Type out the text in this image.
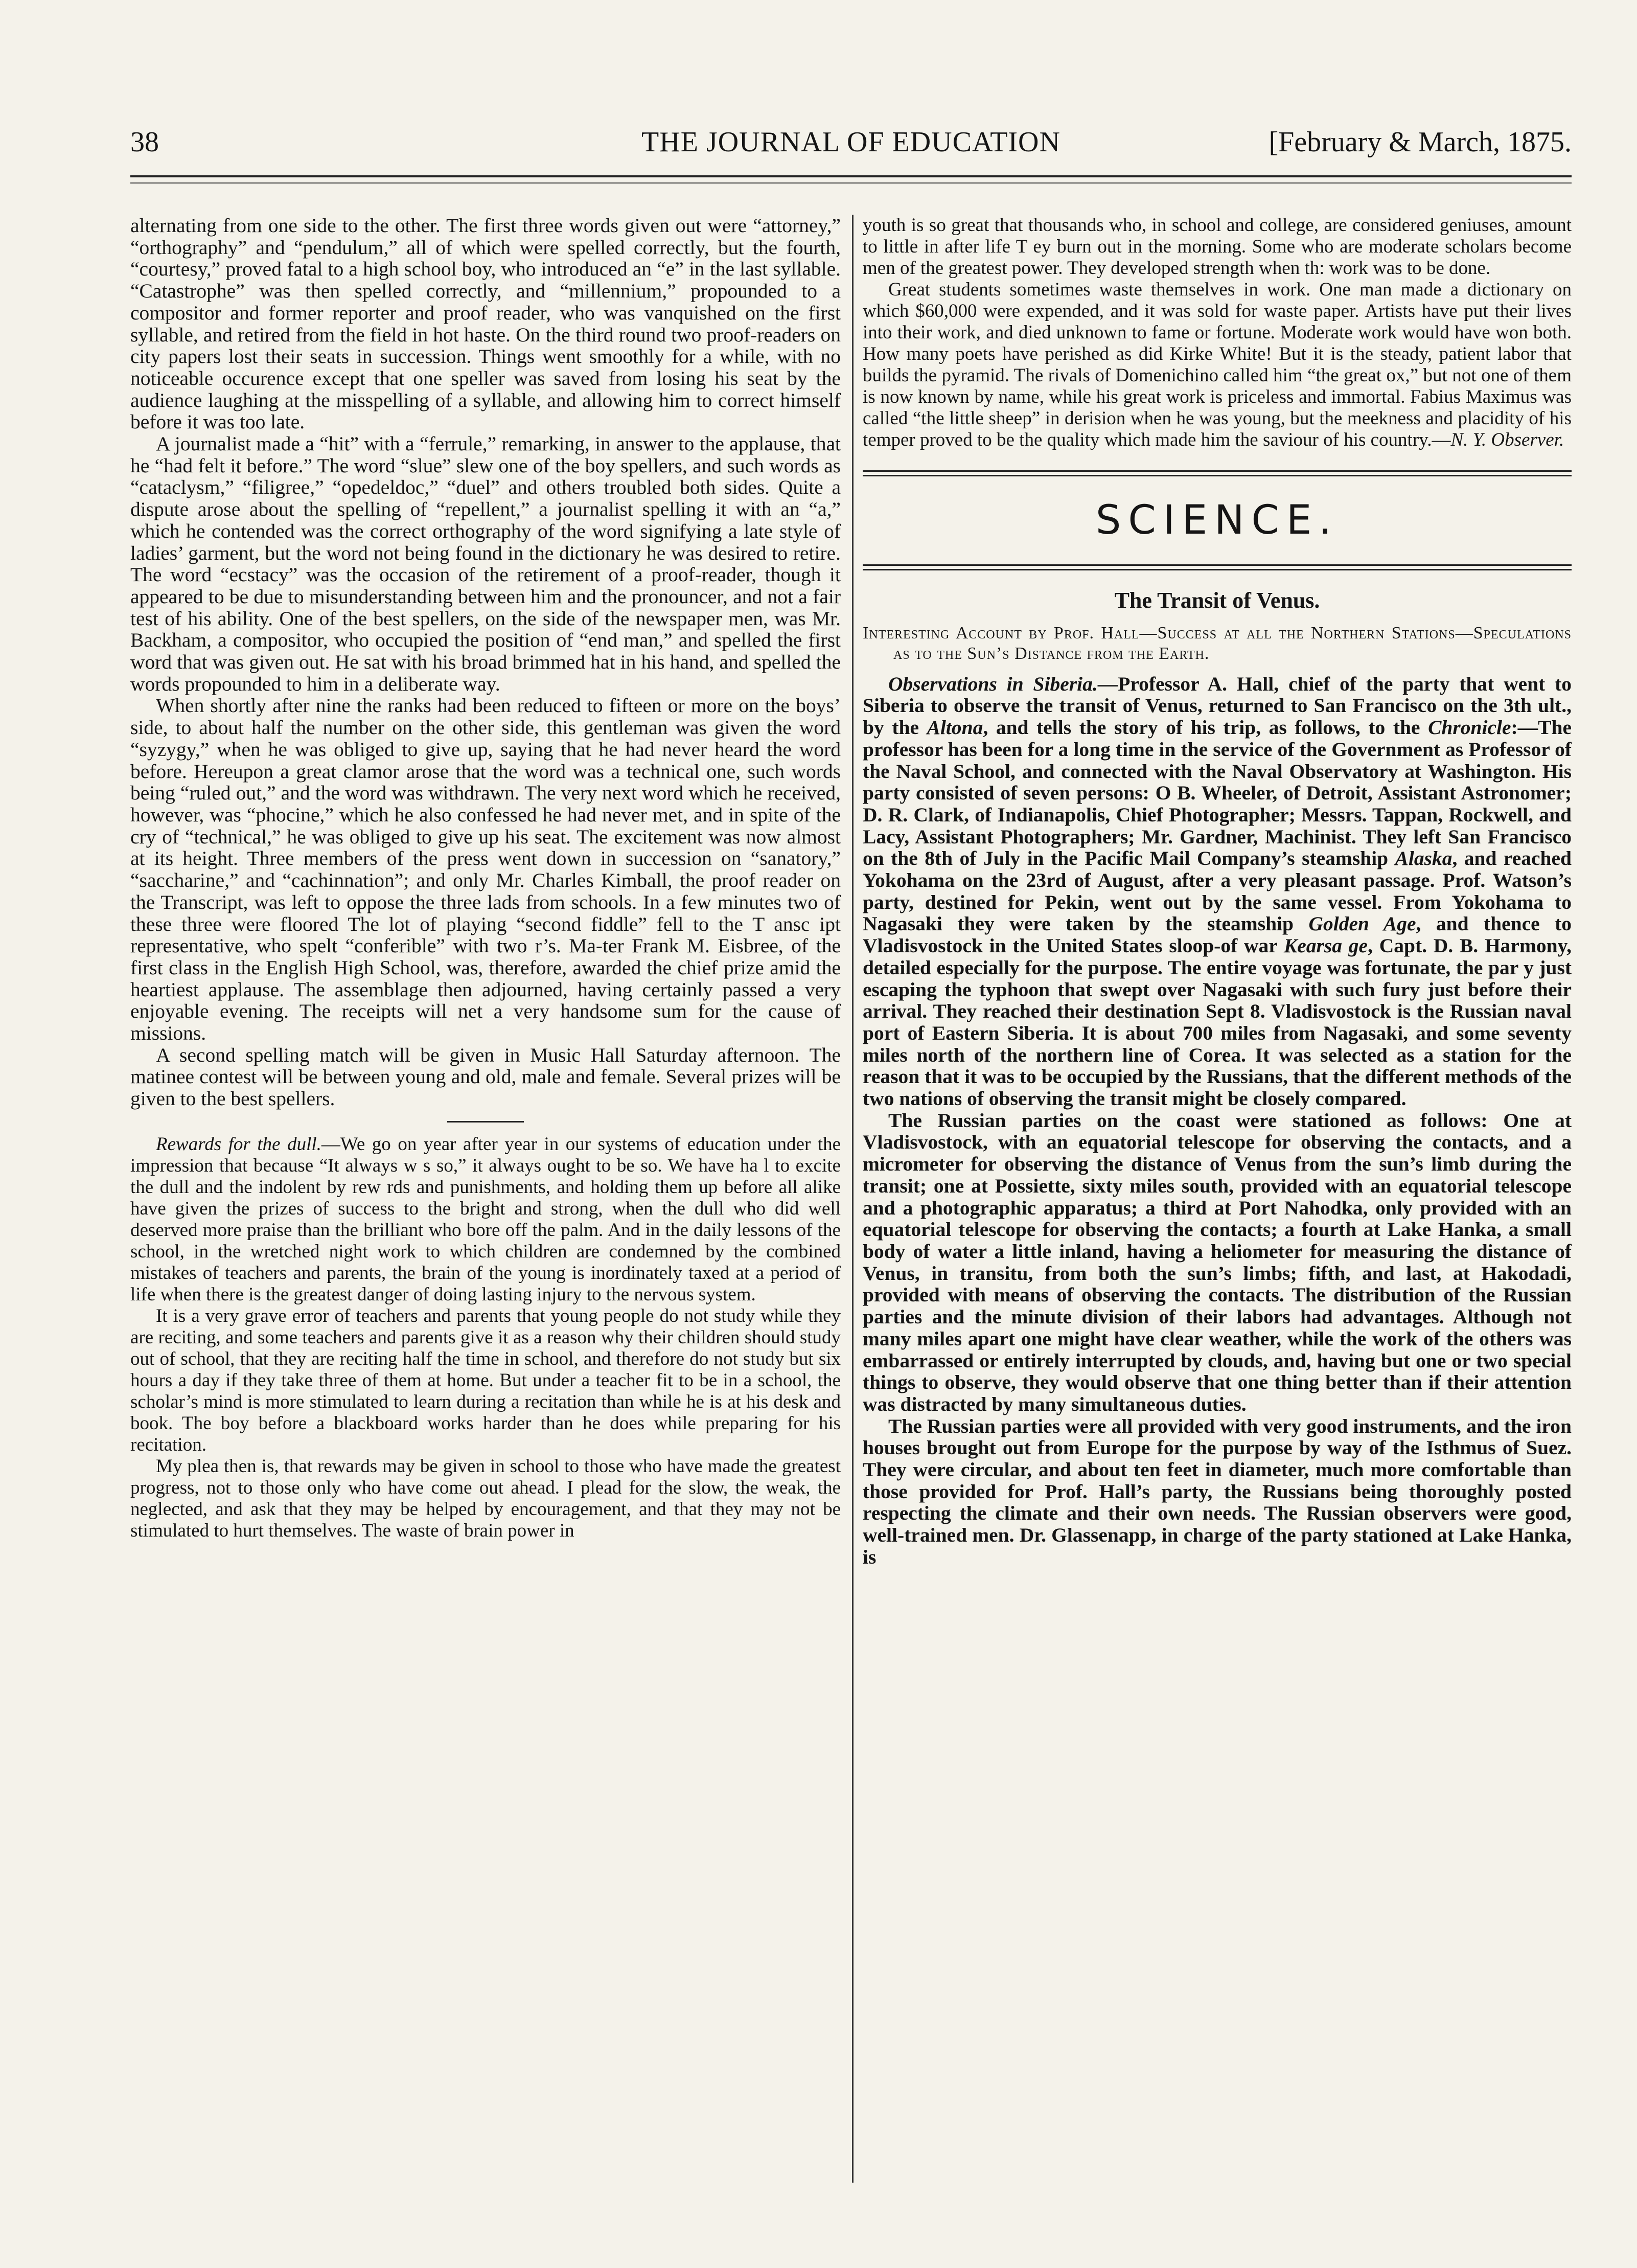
38	THE JOURNAL OF EDUCATION	[February & March, 1875.

alternating from one side to the other. The first three words given out were “attorney,” “orthography” and “pendulum,” all of which were spelled correctly, but the fourth, “courtesy,” proved fatal to a high school boy, who introduced an “e” in the last syllable. “Catastrophe” was then spelled correctly, and “millennium,” propounded to a compositor and former reporter and proof reader, who was vanquished on the first syllable, and retired from the field in hot haste. On the third round two proof-readers on city papers lost their seats in succession. Things went smoothly for a while, with no noticeable occurence except that one speller was saved from losing his seat by the audience laughing at the misspelling of a syllable, and allowing him to correct himself before it was too late.

A journalist made a “hit” with a “ferrule,” remarking, in answer to the applause, that he “had felt it before.” The word “slue” slew one of the boy spellers, and such words as “cataclysm,” “filigree,” “opedeldoc,” “duel” and others troubled both sides. Quite a dispute arose about the spelling of “repellent,” a journalist spelling it with an “a,” which he contended was the correct orthography of the word signifying a late style of ladies’ garment, but the word not being found in the dictionary he was desired to retire. The word “ecstacy” was the occasion of the retirement of a proof-reader, though it appeared to be due to misunderstanding between him and the pronouncer, and not a fair test of his ability. One of the best spellers, on the side of the newspaper men, was Mr. Backham, a compositor, who occupied the position of “end man,” and spelled the first word that was given out. He sat with his broad brimmed hat in his hand, and spelled the words propounded to him in a deliberate way.

When shortly after nine the ranks had been reduced to fifteen or more on the boys’ side, to about half the number on the other side, this gentleman was given the word “syzygy,” when he was obliged to give up, saying that he had never heard the word before. Hereupon a great clamor arose that the word was a technical one, such words being “ruled out,” and the word was withdrawn. The very next word which he received, however, was “phocine,” which he also confessed he had never met, and in spite of the cry of “technical,” he was obliged to give up his seat. The excitement was now almost at its height. Three members of the press went down in succession on “sanatory,” “saccharine,” and “cachinnation”; and only Mr. Charles Kimball, the proof reader on the Transcript, was left to oppose the three lads from schools. In a few minutes two of these three were floored The lot of playing “second fiddle” fell to the T ansc ipt representative, who spelt “conferible” with two r’s. Ma-ter Frank M. Eisbree, of the first class in the English High School, was, therefore, awarded the chief prize amid the heartiest applause. The assemblage then adjourned, having certainly passed a very enjoyable evening. The receipts will net a very handsome sum for the cause of missions.

A second spelling match will be given in Music Hall Saturday afternoon. The matinee contest will be between young and old, male and female. Several prizes will be given to the best spellers.

Rewards for the dull.—We go on year after year in our systems of education under the impression that because “It always w s so,” it always ought to be so. We have ha l to excite the dull and the indolent by rew rds and punishments, and holding them up before all alike have given the prizes of success to the bright and strong, when the dull who did well deserved more praise than the brilliant who bore off the palm. And in the daily lessons of the school, in the wretched night work to which children are condemned by the combined mistakes of teachers and parents, the brain of the young is inordinately taxed at a period of life when there is the greatest danger of doing lasting injury to the nervous system.

It is a very grave error of teachers and parents that young people do not study while they are reciting, and some teachers and parents give it as a reason why their children should study out of school, that they are reciting half the time in school, and therefore do not study but six hours a day if they take three of them at home. But under a teacher fit to be in a school, the scholar’s mind is more stimulated to learn during a recitation than while he is at his desk and book. The boy before a blackboard works harder than he does while preparing for his recitation.

My plea then is, that rewards may be given in school to those who have made the greatest progress, not to those only who have come out ahead. I plead for the slow, the weak, the neglected, and ask that they may be helped by encouragement, and that they may not be stimulated to hurt themselves. The waste of brain power in

youth is so great that thousands who, in school and college, are considered geniuses, amount to little in after life T ey burn out in the morning. Some who are moderate scholars become men of the greatest power. They developed strength when th: work was to be done.

Great students sometimes waste themselves in work. One man made a dictionary on which $60,000 were expended, and it was sold for waste paper. Artists have put their lives into their work, and died unknown to fame or fortune. Moderate work would have won both. How many poets have perished as did Kirke White! But it is the steady, patient labor that builds the pyramid. The rivals of Domenichino called him “the great ox,” but not one of them is now known by name, while his great work is priceless and immortal. Fabius Maximus was called “the little sheep” in derision when he was young, but the meekness and placidity of his temper proved to be the quality which made him the saviour of his country.—N. Y. Observer.

SCIENCE.

The Transit of Venus.

Interesting Account by Prof. Hall—Success at all the Northern Stations—Speculations as to the Sun’s Distance from the Earth.

Observations in Siberia.—Professor A. Hall, chief of the party that went to Siberia to observe the transit of Venus, returned to San Francisco on the 3th ult., by the Altona, and tells the story of his trip, as follows, to the Chronicle:—The professor has been for a long time in the service of the Government as Professor of the Naval School, and connected with the Naval Observatory at Washington. His party consisted of seven persons: O B. Wheeler, of Detroit, Assistant Astronomer; D. R. Clark, of Indianapolis, Chief Photographer; Messrs. Tappan, Rockwell, and Lacy, Assistant Photographers; Mr. Gardner, Machinist. They left San Francisco on the 8th of July in the Pacific Mail Company’s steamship Alaska, and reached Yokohama on the 23rd of August, after a very pleasant passage. Prof. Watson’s party, destined for Pekin, went out by the same vessel. From Yokohama to Nagasaki they were taken by the steamship Golden Age, and thence to Vladisvostock in the United States sloop-of war Kearsa ge, Capt. D. B. Harmony, detailed especially for the purpose. The entire voyage was fortunate, the par y just escaping the typhoon that swept over Nagasaki with such fury just before their arrival. They reached their destination Sept 8. Vladisvostock is the Russian naval port of Eastern Siberia. It is about 700 miles from Nagasaki, and some seventy miles north of the northern line of Corea. It was selected as a station for the reason that it was to be occupied by the Russians, that the different methods of the two nations of observing the transit might be closely compared.

The Russian parties on the coast were stationed as follows: One at Vladisvostock, with an equatorial telescope for observing the contacts, and a micrometer for observing the distance of Venus from the sun’s limb during the transit; one at Possiette, sixty miles south, provided with an equatorial telescope and a photographic apparatus; a third at Port Nahodka, only provided with an equatorial telescope for observing the contacts; a fourth at Lake Hanka, a small body of water a little inland, having a heliometer for measuring the distance of Venus, in transitu, from both the sun’s limbs; fifth, and last, at Hakodadi, provided with means of observing the contacts. The distribution of the Russian parties and the minute division of their labors had advantages. Although not many miles apart one might have clear weather, while the work of the others was embarrassed or entirely interrupted by clouds, and, having but one or two special things to observe, they would observe that one thing better than if their attention was distracted by many simultaneous duties.

The Russian parties were all provided with very good instruments, and the iron houses brought out from Europe for the purpose by way of the Isthmus of Suez. They were circular, and about ten feet in diameter, much more comfortable than those provided for Prof. Hall’s party, the Russians being thoroughly posted respecting the climate and their own needs. The Russian observers were good, well-trained men. Dr. Glassenapp, in charge of the party stationed at Lake Hanka, is
